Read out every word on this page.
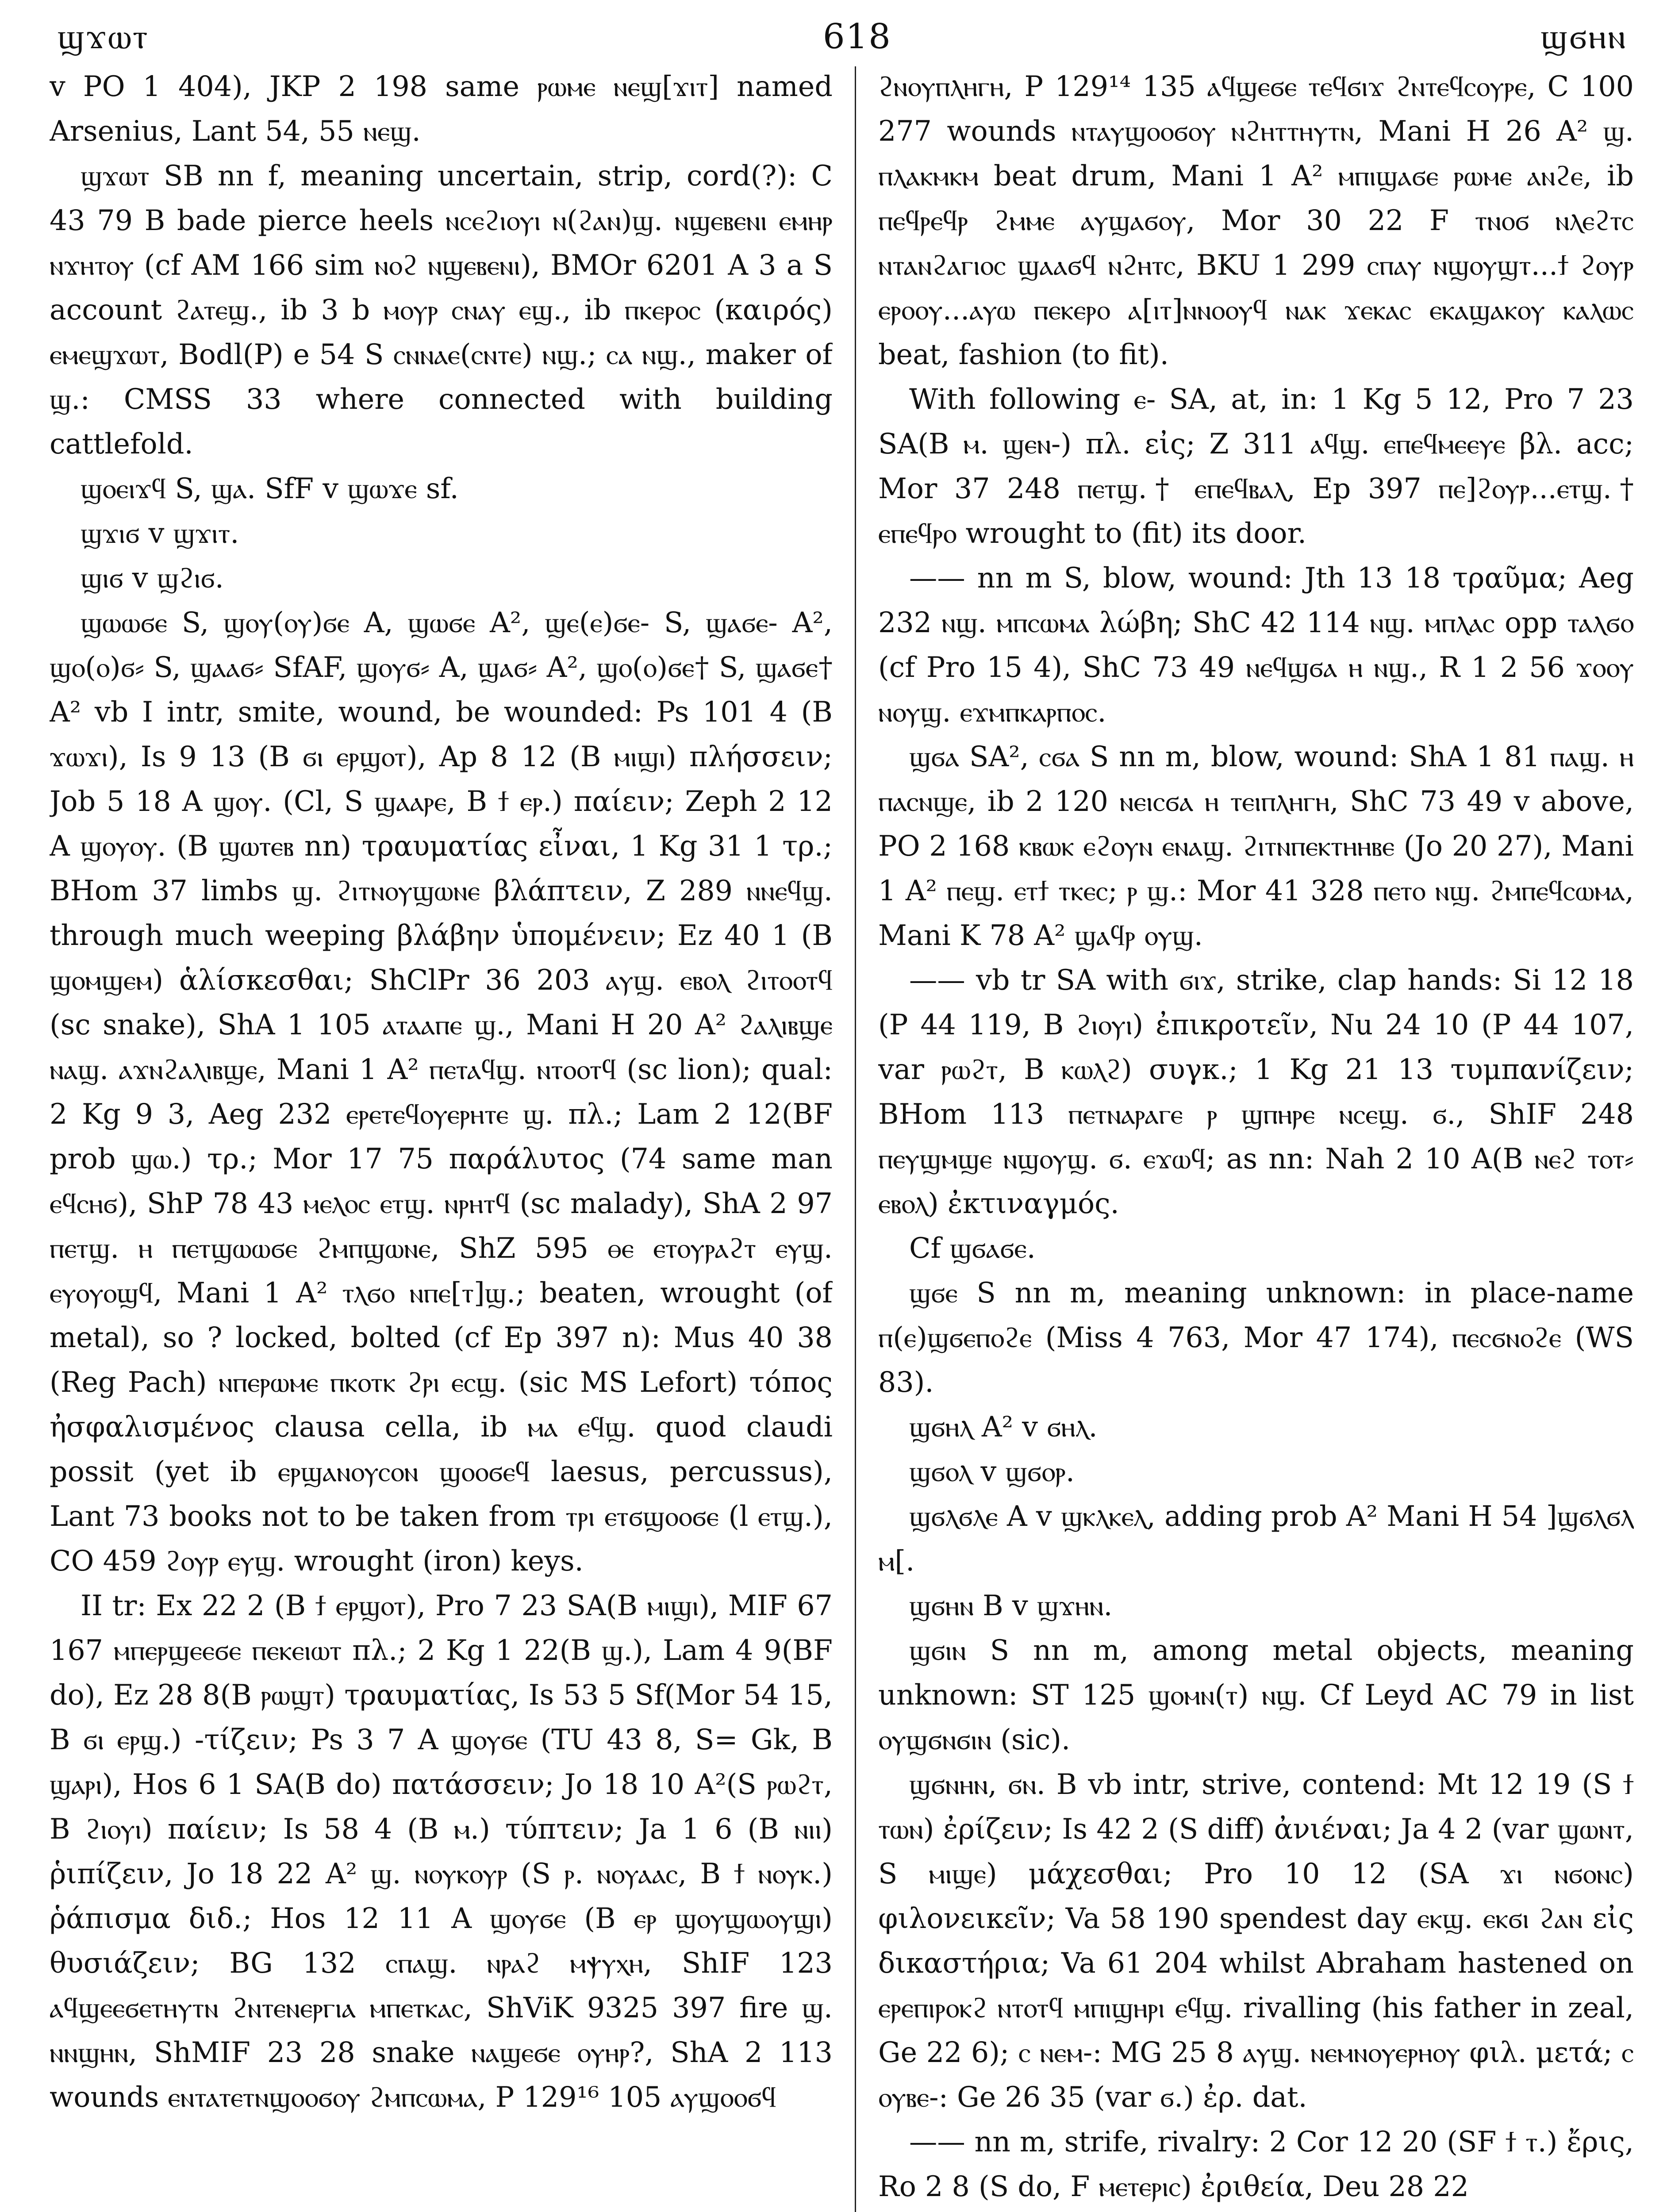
ϣϫⲱⲧ	618	ϣϭⲏⲛ

v PO 1 404), JKP 2 198 same ⲣⲱⲙⲉ ⲛⲉϣ[ϫⲓⲧ] named Arsenius, Lant 54, 55 ⲛⲉϣ.

ϣϫⲱⲧ SB nn f, meaning uncertain, strip, cord(?): C 43 79 B bade pierce heels ⲛⲥⲉϩⲓⲟⲩⲓ ⲛ(ϩⲁⲛ)ϣ. ⲛϣⲉⲃⲉⲛⲓ ⲉⲙⲏⲣ ⲛϫⲏⲧⲟⲩ (cf AM 166 sim ⲛⲟϩ ⲛϣⲉⲃⲉⲛⲓ), BMOr 6201 A 3 a S account ϩⲁⲧⲉϣ., ib 3 b ⲙⲟⲩⲣ ⲥⲛⲁⲩ ⲉϣ., ib ⲡⲕⲉⲣⲟⲥ (καιρός) ⲉⲙⲉϣϫⲱⲧ, Bodl(P) e 54 S ⲥⲛⲛⲁⲉ(ⲥⲛⲧⲉ) ⲛϣ.; ⲥⲁ ⲛϣ., maker of ϣ.: CMSS 33 where connected with building cattlefold.

ϣⲟⲉⲓϫϥ S, ϣⲁ. SfF v ϣⲱϫⲉ sf.

ϣϫⲓϭ v ϣϫⲓⲧ.

ϣⲓϭ v ϣϩⲓϭ.

ϣⲱⲱϭⲉ S, ϣⲟⲩ(ⲟⲩ)ϭⲉ A, ϣⲱϭⲉ A², ϣⲉ(ⲉ)ϭⲉ- S, ϣⲁϭⲉ- A², ϣⲟ(ⲟ)ϭ⸗ S, ϣⲁⲁϭ⸗ SfAF, ϣⲟⲩϭ⸗ A, ϣⲁϭ⸗ A², ϣⲟ(ⲟ)ϭⲉ† S, ϣⲁϭⲉ† A² vb I intr, smite, wound, be wounded: Ps 101 4 (B ϫⲱϫⲓ), Is 9 13 (B ϭⲓ ⲉⲣϣⲟⲧ), Ap 8 12 (B ⲙⲓϣⲓ) πλήσσειν; Job 5 18 A ϣⲟⲩ. (Cl, S ϣⲁⲁⲣⲉ, B ϯ ⲉⲣ.) παίειν; Zeph 2 12 A ϣⲟⲩⲟⲩ. (B ϣⲱⲧⲉⲃ nn) τραυματίας εἶναι, 1 Kg 31 1 τρ.; BHom 37 limbs ϣ. ϩⲓⲧⲛⲟⲩϣⲱⲛⲉ βλάπτειν, Z 289 ⲛⲛⲉϥϣ. through much weeping βλάβην ὑπομένειν; Ez 40 1 (B ϣⲟⲙϣⲉⲙ) ἁλίσκεσθαι; ShClPr 36 203 ⲁⲩϣ. ⲉⲃⲟⲗ ϩⲓⲧⲟⲟⲧϥ (sc snake), ShA 1 105 ⲁⲧⲁⲁⲡⲉ ϣ., Mani H 20 A² ϩⲁⲗⲓⲃϣⲉ ⲛⲁϣ. ⲁϫⲛϩⲁⲗⲓⲃϣⲉ, Mani 1 A² ⲡⲉⲧⲁϥϣ. ⲛⲧⲟⲟⲧϥ (sc lion); qual: 2 Kg 9 3, Aeg 232 ⲉⲣⲉⲧⲉϥⲟⲩⲉⲣⲏⲧⲉ ϣ. πλ.; Lam 2 12(BF prob ϣⲱ.) τρ.; Mor 17 75 παράλυτος (74 same man ⲉϥⲥⲏϭ), ShP 78 43 ⲙⲉⲗⲟⲥ ⲉⲧϣ. ⲛⲣⲏⲧϥ (sc malady), ShA 2 97 ⲡⲉⲧϣ. ⲏ ⲡⲉⲧϣⲱⲱϭⲉ ϩⲙⲡϣⲱⲛⲉ, ShZ 595 ⲑⲉ ⲉⲧⲟⲩⲣⲁϩⲧ ⲉⲩϣ. ⲉⲩⲟⲩⲟϣϥ, Mani 1 A² ⲧⲗϭⲟ ⲛⲡⲉ[ⲧ]ϣ.; beaten, wrought (of metal), so ? locked, bolted (cf Ep 397 n): Mus 40 38 (Reg Pach) ⲛⲡⲉⲣⲱⲙⲉ ⲡⲕⲟⲧⲕ ϩⲣⲓ ⲉⲥϣ. (sic MS Lefort) τόπος ἠσφαλισμένος clausa cella, ib ⲙⲁ ⲉϥϣ. quod claudi possit (yet ib ⲉⲣϣⲁⲛⲟⲩⲥⲟⲛ ϣⲟⲟϭⲉϥ laesus, percussus), Lant 73 books not to be taken from ⲧⲣⲓ ⲉⲧϭϣⲟⲟϭⲉ (l ⲉⲧϣ.), CO 459 ϩⲟⲩⲣ ⲉⲩϣ. wrought (iron) keys.

II tr: Ex 22 2 (B ϯ ⲉⲣϣⲟⲧ), Pro 7 23 SA(B ⲙⲓϣⲓ), MIF 67 167 ⲙⲡⲉⲣϣⲉⲉϭⲉ ⲡⲉⲕⲉⲓⲱⲧ πλ.; 2 Kg 1 22(B ϣ.), Lam 4 9(BF do), Ez 28 8(B ⲣⲱϣⲧ) τραυματίας, Is 53 5 Sf(Mor 54 15, B ϭⲓ ⲉⲣϣ.) -τίζειν; Ps 3 7 A ϣⲟⲩϭⲉ (TU 43 8, S= Gk, B ϣⲁⲣⲓ), Hos 6 1 SA(B do) πατάσσειν; Jo 18 10 A²(S ⲣⲱϩⲧ, B ϩⲓⲟⲩⲓ) παίειν; Is 58 4 (B ⲙ.) τύπτειν; Ja 1 6 (B ⲛⲓⲓ) ῥιπίζειν, Jo 18 22 A² ϣ. ⲛⲟⲩⲕⲟⲩⲣ (S ⲣ. ⲛⲟⲩⲁⲁⲥ, B ϯ ⲛⲟⲩⲕ.) ῥάπισμα διδ.; Hos 12 11 A ϣⲟⲩϭⲉ (B ⲉⲣ ϣⲟⲩϣⲱⲟⲩϣⲓ) θυσιάζειν; BG 132 ⲥⲡⲁϣ. ⲛⲣⲁϩ ⲙⲯⲩⲭⲏ, ShIF 123 ⲁϥϣⲉⲉϭⲉⲧⲏⲩⲧⲛ ϩⲛⲧⲉⲛⲉⲣⲅⲓⲁ ⲙⲡⲉⲧⲕⲁⲥ, ShViK 9325 397 fire ϣ. ⲛⲛϣⲏⲛ, ShMIF 23 28 snake ⲛⲁϣⲉϭⲉ ⲟⲩⲏⲣ?, ShA 2 113 wounds ⲉⲛⲧⲁⲧⲉⲧⲛϣⲟⲟϭⲟⲩ ϩⲙⲡⲥⲱⲙⲁ, P 129¹⁶ 105 ⲁⲩϣⲟⲟϭϥ

ϩⲛⲟⲩⲡⲗⲏⲅⲏ, P 129¹⁴ 135 ⲁϥϣⲉϭⲉ ⲧⲉϥϭⲓϫ ϩⲛⲧⲉϥⲥⲟⲩⲣⲉ, C 100 277 wounds ⲛⲧⲁⲩϣⲟⲟϭⲟⲩ ⲛϩⲏⲧⲧⲏⲩⲧⲛ, Mani H 26 A² ϣ. ⲡⲗⲁⲕⲙⲕⲙ beat drum, Mani 1 A² ⲙⲡⲓϣⲁϭⲉ ⲣⲱⲙⲉ ⲁⲛϩⲉ, ib ⲡⲉϥⲣⲉϥⲣ ϩⲙⲙⲉ ⲁⲩϣⲁϭⲟⲩ, Mor 30 22 F ⲧⲛⲟϭ ⲛⲗⲉϩⲧⲥ ⲛⲧⲁⲛϩⲁⲅⲓⲟⲥ ϣⲁⲁϭϥ ⲛϩⲏⲧⲥ, BKU 1 299 ⲥⲡⲁⲩ ⲛϣⲟⲩϣⲧ...ϯ ϩⲟⲩⲣ ⲉⲣⲟⲟⲩ...ⲁⲩⲱ ⲡⲉⲕⲉⲣⲟ ⲁ[ⲓⲧ]ⲛⲛⲟⲟⲩϥ ⲛⲁⲕ ϫⲉⲕⲁⲥ ⲉⲕⲁϣⲁⲕⲟⲩ ⲕⲁⲗⲱⲥ beat, fashion (to fit).

With following ⲉ- SA, at, in: 1 Kg 5 12, Pro 7 23 SA(B ⲙ. ϣⲉⲛ-) πλ. εἰς; Z 311 ⲁϥϣ. ⲉⲡⲉϥⲙⲉⲉⲩⲉ βλ. acc; Mor 37 248 ⲡⲉⲧϣ.† ⲉⲡⲉϥⲃⲁⲗ, Ep 397 ⲡⲉ]ϩⲟⲩⲣ...ⲉⲧϣ.† ⲉⲡⲉϥⲣⲟ wrought to (fit) its door.

—— nn m S, blow, wound: Jth 13 18 τραῦμα; Aeg 232 ⲛϣ. ⲙⲡⲥⲱⲙⲁ λώβη; ShC 42 114 ⲛϣ. ⲙⲡⲗⲁⲥ opp ⲧⲁⲗϭⲟ (cf Pro 15 4), ShC 73 49 ⲛⲉϥϣϭⲁ ⲏ ⲛϣ., R 1 2 56 ϫⲟⲟⲩ ⲛⲟⲩϣ. ⲉϫⲙⲡⲕⲁⲣⲡⲟⲥ.

ϣϭⲁ SA², ⲥϭⲁ S nn m, blow, wound: ShA 1 81 ⲡⲁϣ. ⲏ ⲡⲁⲥⲛϣⲉ, ib 2 120 ⲛⲉⲓⲥϭⲁ ⲏ ⲧⲉⲓⲡⲗⲏⲅⲏ, ShC 73 49 v above, PO 2 168 ⲕⲃⲱⲕ ⲉϩⲟⲩⲛ ⲉⲛⲁϣ. ϩⲓⲧⲛⲡⲉⲕⲧⲏⲏⲃⲉ (Jo 20 27), Mani 1 A² ⲡⲉϣ. ⲉⲧϯ ⲧⲕⲉⲥ; ⲣ ϣ.: Mor 41 328 ⲡⲉⲧⲟ ⲛϣ. ϩⲙⲡⲉϥⲥⲱⲙⲁ, Mani K 78 A² ϣⲁϥⲣ ⲟⲩϣ.

—— vb tr SA with ϭⲓϫ, strike, clap hands: Si 12 18 (P 44 119, B ϩⲓⲟⲩⲓ) ἐπικροτεῖν, Nu 24 10 (P 44 107, var ⲣⲱϩⲧ, B ⲕⲱⲗϩ) συγκ.; 1 Kg 21 13 τυμπανίζειν; BHom 113 ⲡⲉⲧⲛⲁⲣⲁⲅⲉ ⲣ ϣⲡⲏⲣⲉ ⲛⲥⲉϣ. ϭ., ShIF 248 ⲡⲉⲩϣⲙϣⲉ ⲛϣⲟⲩϣ. ϭ. ⲉϫⲱϥ; as nn: Nah 2 10 A(B ⲛⲉϩ ⲧⲟⲧ⸗ ⲉⲃⲟⲗ) ἐκτιναγμός.

Cf ϣϭⲁϭⲉ.

ϣϭⲉ S nn m, meaning unknown: in place-name ⲡ(ⲉ)ϣϭⲉⲡⲟϩⲉ (Miss 4 763, Mor 47 174), ⲡⲉⲥϭⲛⲟϩⲉ (WS 83).

ϣϭⲏⲗ A² v ϭⲏⲗ.

ϣϭⲟⲗ v ϣϭⲟⲣ.

ϣϭⲗϭⲗⲉ A v ϣⲕⲗⲕⲉⲗ, adding prob A² Mani H 54 ]ϣϭⲗϭⲗ ⲙ[.

ϣϭⲏⲛ B v ϣϫⲏⲛ.

ϣϭⲓⲛ S nn m, among metal objects, meaning unknown: ST 125 ϣⲟⲙⲛ(ⲧ) ⲛϣ. Cf Leyd AC 79 in list ⲟⲩϣϭⲛϭⲓⲛ (sic).

ϣϭⲛⲏⲛ, ϭⲛ. B vb intr, strive, contend: Mt 12 19 (S ϯ ⲧⲱⲛ) ἐρίζειν; Is 42 2 (S diff) ἀνιέναι; Ja 4 2 (var ϣⲱⲛⲧ, S ⲙⲓϣⲉ) μάχεσθαι; Pro 10 12 (SA ϫⲓ ⲛϭⲟⲛⲥ) φιλονεικεῖν; Va 58 190 spendest day ⲉⲕϣ. ⲉⲕϭⲓ ϩⲁⲛ εἰς δικαστήρια; Va 61 204 whilst Abraham hastened on ⲉⲣⲉⲡⲓⲣⲟⲕϩ ⲛⲧⲟⲧϥ ⲙⲡⲓϣⲏⲣⲓ ⲉϥϣ. rivalling (his father in zeal, Ge 22 6); ⲥ ⲛⲉⲙ-: MG 25 8 ⲁⲩϣ. ⲛⲉⲙⲛⲟⲩⲉⲣⲏⲟⲩ φιλ. μετά; ⲥ ⲟⲩⲃⲉ-: Ge 26 35 (var ϭ.) ἐρ. dat.

—— nn m, strife, rivalry: 2 Cor 12 20 (SF ϯ ⲧ.) ἔρις, Ro 2 8 (S do, F ⲙⲉⲧⲉⲣⲓⲥ) ἐριθεία, Deu 28 22
